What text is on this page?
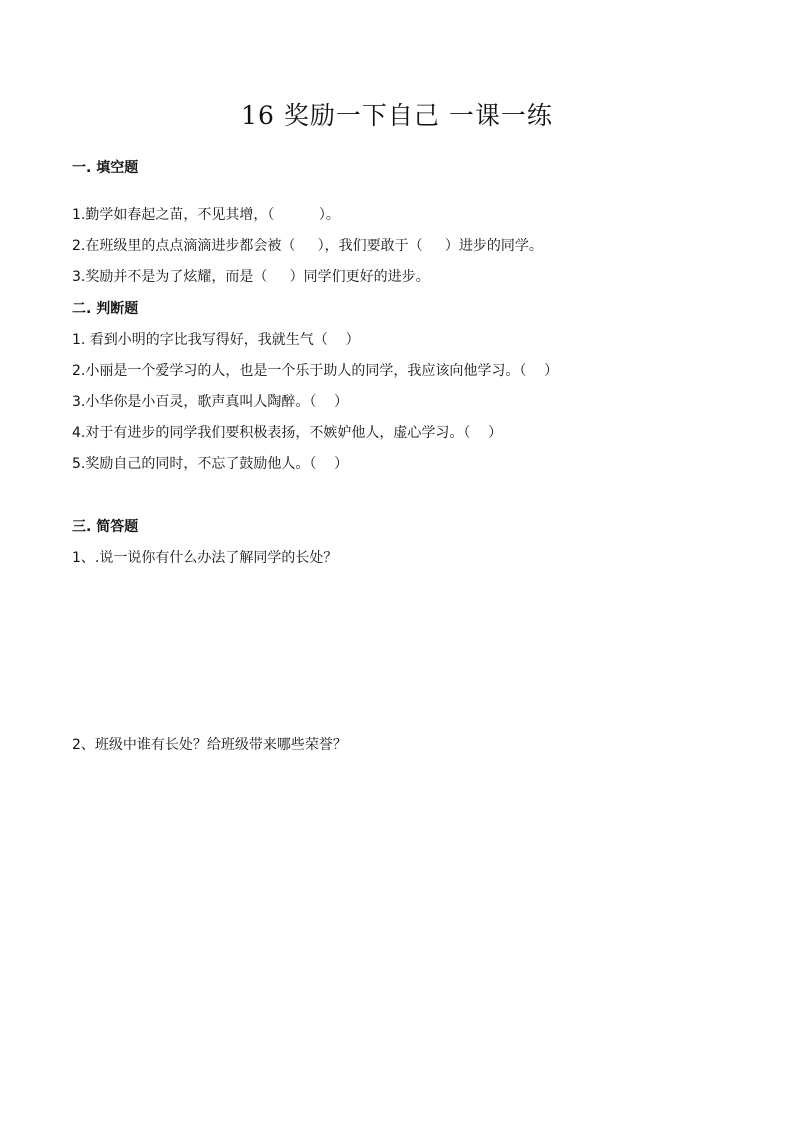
16 奖励一下自己 一课一练
一. 填空题
1.勤学如春起之苗，不见其增，（          ）。
2.在班级里的点点滴滴进步都会被（     ），我们要敢于（     ）进步的同学。
3.奖励并不是为了炫耀，而是（     ）同学们更好的进步。
二. 判断题
1. 看到小明的字比我写得好，我就生气（    ）
2.小丽是一个爱学习的人，也是一个乐于助人的同学，我应该向他学习。（    ）
3.小华你是小百灵，歌声真叫人陶醉。（    ）
4.对于有进步的同学我们要积极表扬，不嫉妒他人，虚心学习。（    ）
5.奖励自己的同时，不忘了鼓励他人。（    ）
三. 简答题
1、.说一说你有什么办法了解同学的长处？
2、班级中谁有长处？给班级带来哪些荣誉？
